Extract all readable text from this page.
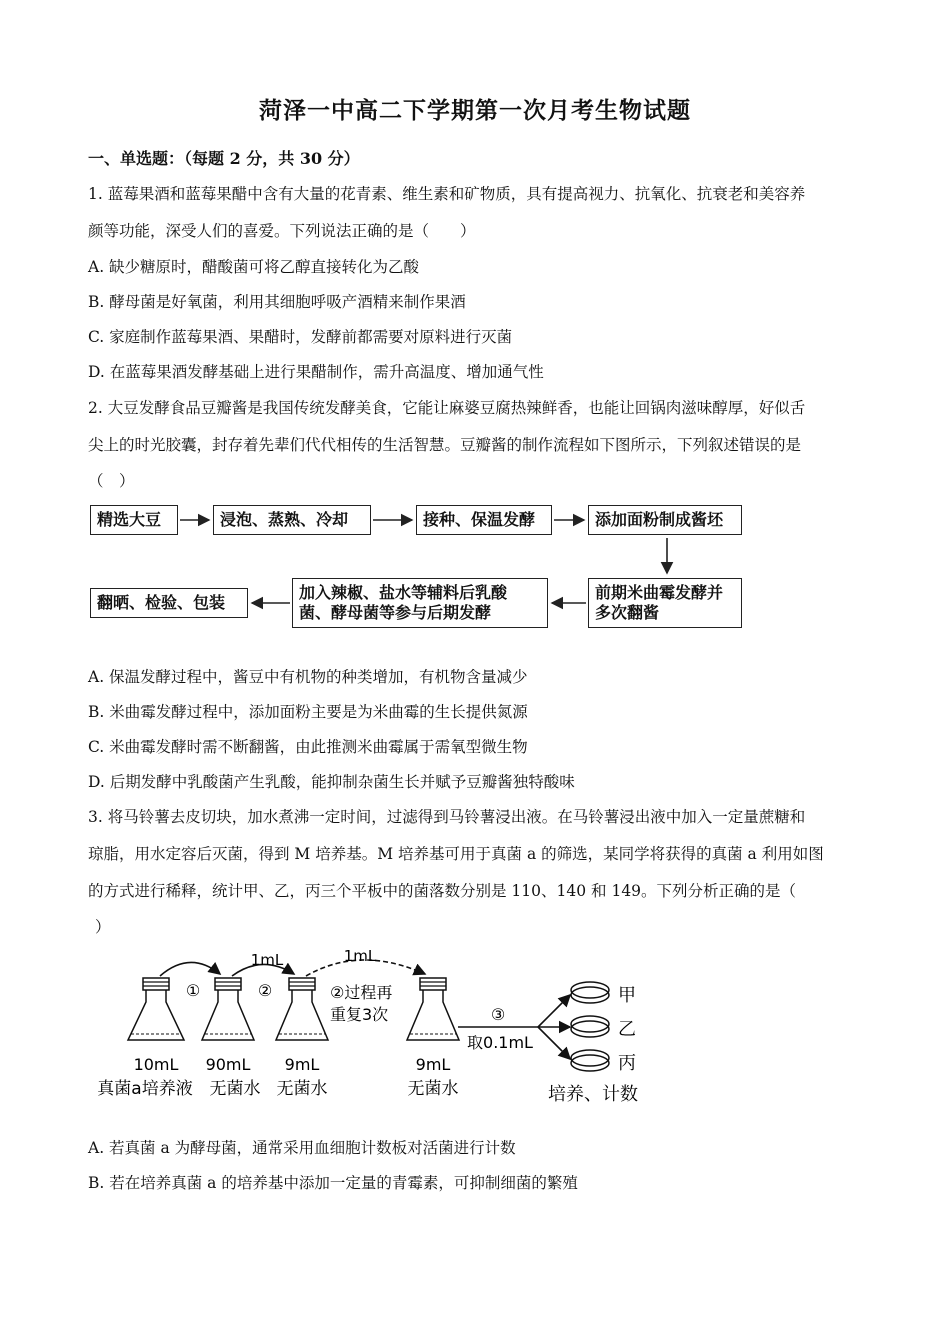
菏泽一中高二下学期第一次月考生物试题
一、单选题：（每题 2 分，共 30 分）
1. 蓝莓果酒和蓝莓果醋中含有大量的花青素、维生素和矿物质，具有提高视力、抗氧化、抗衰老和美容养
颜等功能，深受人们的喜爱。下列说法正确的是（　　）
A. 缺少糖原时，醋酸菌可将乙醇直接转化为乙酸
B. 酵母菌是好氧菌，利用其细胞呼吸产酒精来制作果酒
C. 家庭制作蓝莓果酒、果醋时，发酵前都需要对原料进行灭菌
D. 在蓝莓果酒发酵基础上进行果醋制作，需升高温度、增加通气性
2. 大豆发酵食品豆瓣酱是我国传统发酵美食，它能让麻婆豆腐热辣鲜香，也能让回锅肉滋味醇厚，好似舌
尖上的时光胶囊，封存着先辈们代代相传的生活智慧。豆瓣酱的制作流程如下图所示，下列叙述错误的是
（　）
精选大豆	浸泡、蒸熟、冷却	接种、保温发酵	添加面粉制成酱坯
前期米曲霉发酵并
多次翻酱
加入辣椒、盐水等辅料后乳酸
菌、酵母菌等参与后期发酵
翻晒、检验、包装
A. 保温发酵过程中，酱豆中有机物的种类增加，有机物含量减少
B. 米曲霉发酵过程中，添加面粉主要是为米曲霉的生长提供氮源
C. 米曲霉发酵时需不断翻酱，由此推测米曲霉属于需氧型微生物
D. 后期发酵中乳酸菌产生乳酸，能抑制杂菌生长并赋予豆瓣酱独特酸味
3. 将马铃薯去皮切块，加水煮沸一定时间，过滤得到马铃薯浸出液。在马铃薯浸出液中加入一定量蔗糖和
琼脂，用水定容后灭菌，得到 M 培养基。M 培养基可用于真菌 a 的筛选，某同学将获得的真菌 a 利用如图
的方式进行稀释，统计甲、乙，丙三个平板中的菌落数分别是 110、140 和 149。下列分析正确的是（
）
①	②
1mL	1mL
②过程再
重复3次	③
取0.1mL
甲
乙
丙
培养、计数
10mL
真菌a培养液
90mL
无菌水
9mL
无菌水
9mL
无菌水
A. 若真菌 a 为酵母菌，通常采用血细胞计数板对活菌进行计数
B. 若在培养真菌 a 的培养基中添加一定量的青霉素，可抑制细菌的繁殖
